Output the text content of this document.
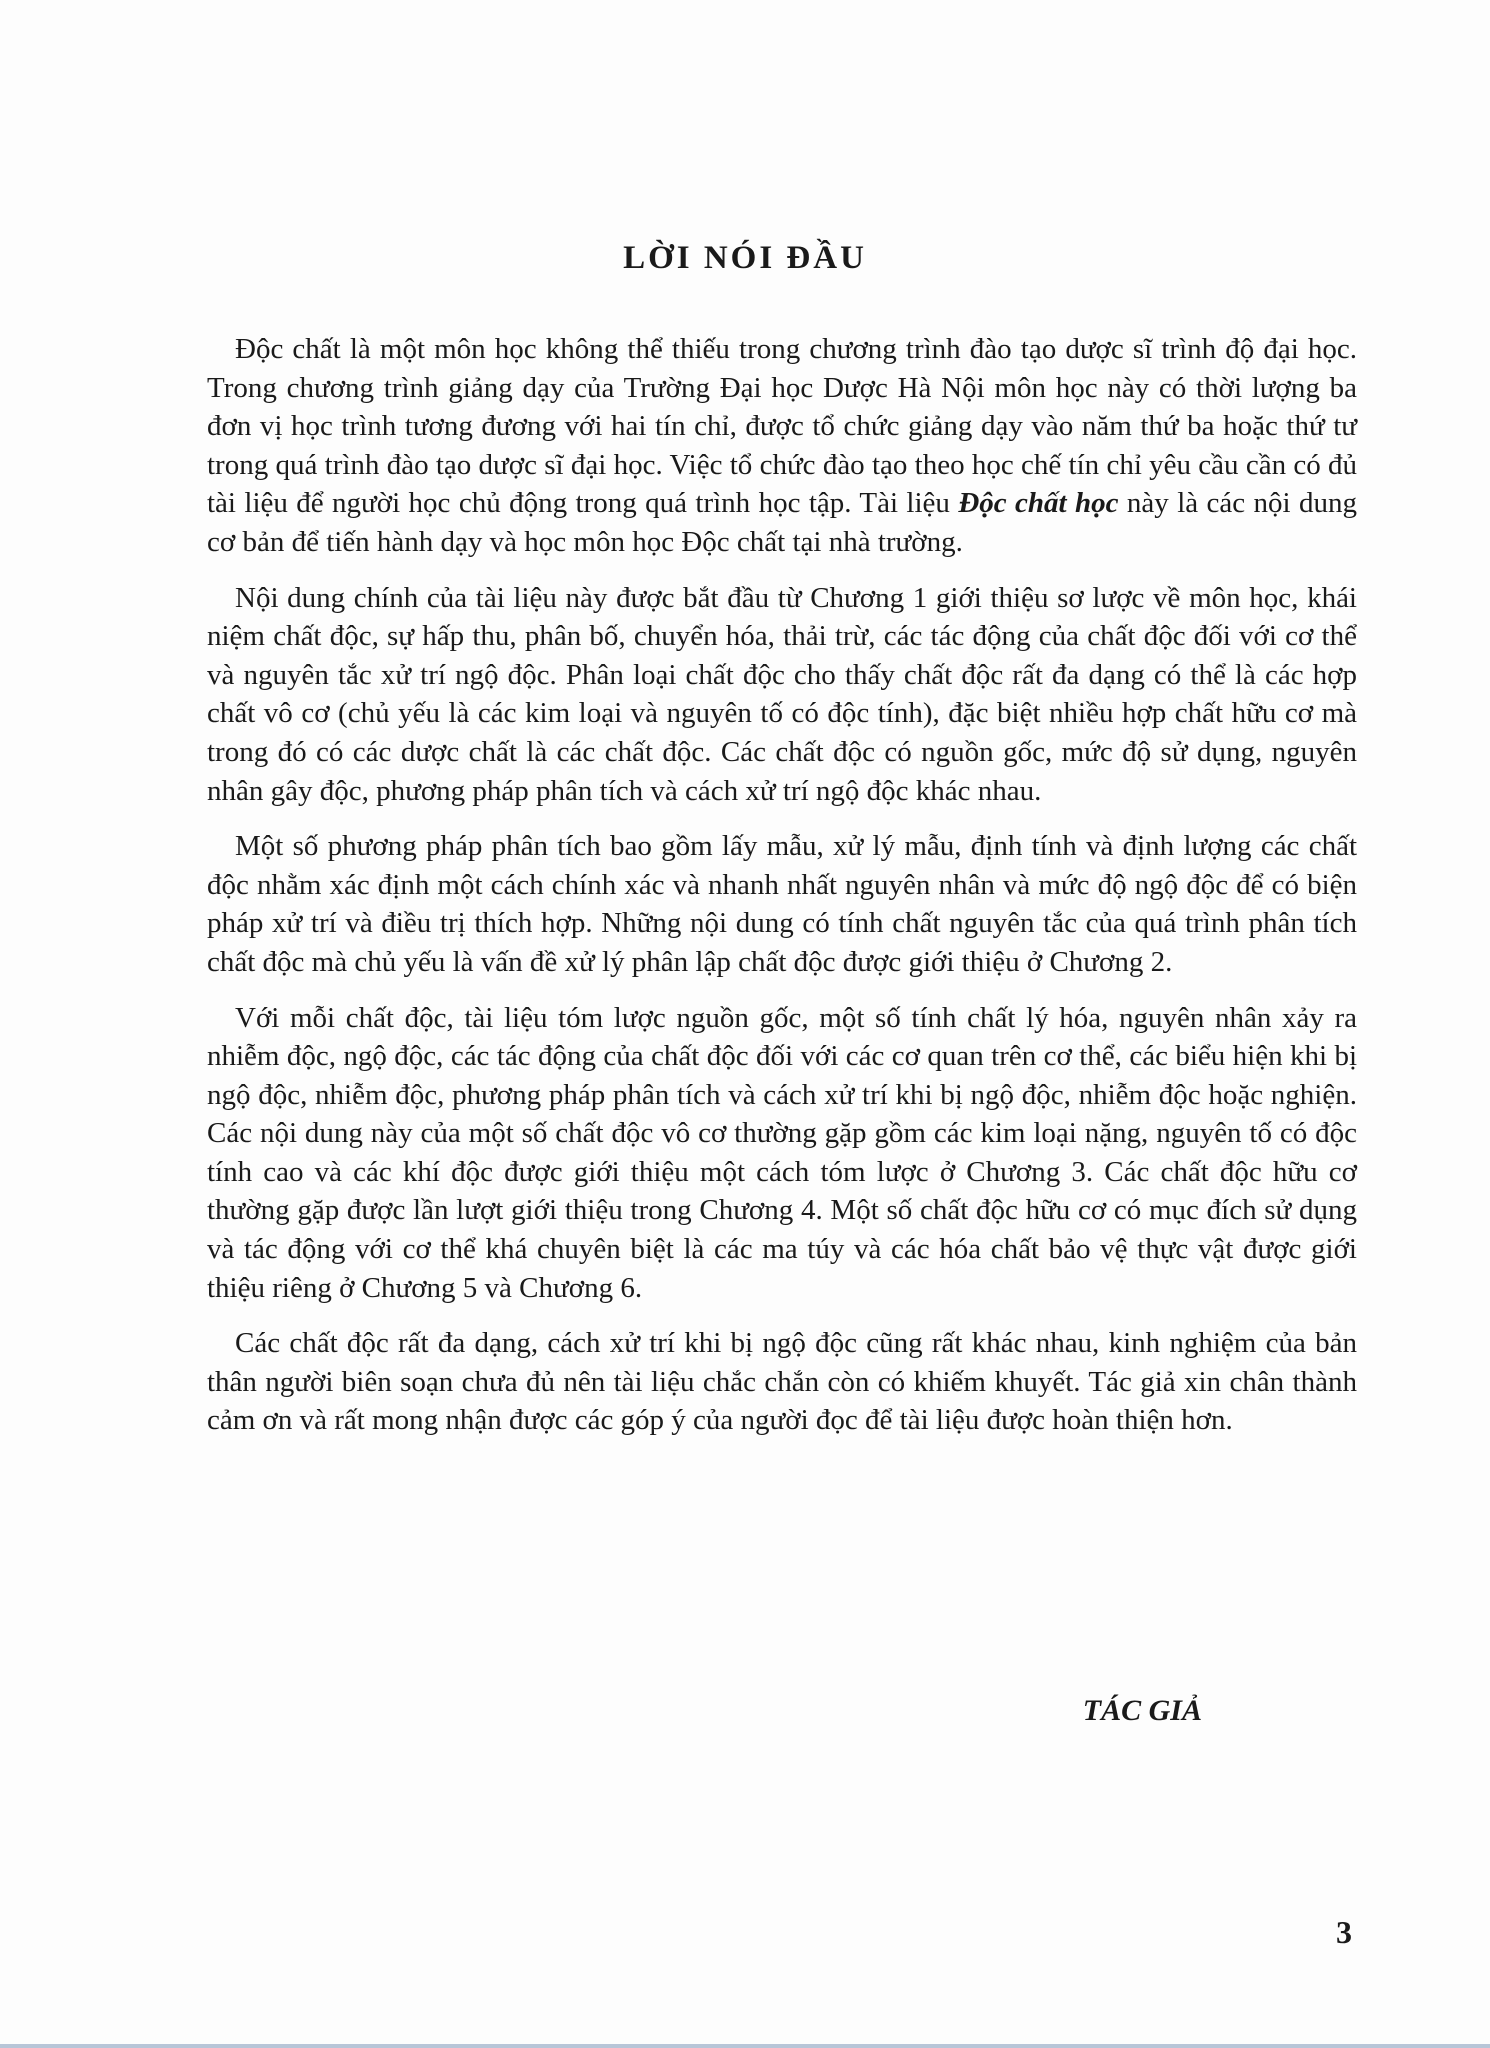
LỜI NÓI ĐẦU

Độc chất là một môn học không thể thiếu trong chương trình đào tạo dược sĩ trình độ đại học. Trong chương trình giảng dạy của Trường Đại học Dược Hà Nội môn học này có thời lượng ba đơn vị học trình tương đương với hai tín chỉ, được tổ chức giảng dạy vào năm thứ ba hoặc thứ tư trong quá trình đào tạo dược sĩ đại học. Việc tổ chức đào tạo theo học chế tín chỉ yêu cầu cần có đủ tài liệu để người học chủ động trong quá trình học tập. Tài liệu Độc chất học này là các nội dung cơ bản để tiến hành dạy và học môn học Độc chất tại nhà trường.

Nội dung chính của tài liệu này được bắt đầu từ Chương 1 giới thiệu sơ lược về môn học, khái niệm chất độc, sự hấp thu, phân bố, chuyển hóa, thải trừ, các tác động của chất độc đối với cơ thể và nguyên tắc xử trí ngộ độc. Phân loại chất độc cho thấy chất độc rất đa dạng có thể là các hợp chất vô cơ (chủ yếu là các kim loại và nguyên tố có độc tính), đặc biệt nhiều hợp chất hữu cơ mà trong đó có các dược chất là các chất độc. Các chất độc có nguồn gốc, mức độ sử dụng, nguyên nhân gây độc, phương pháp phân tích và cách xử trí ngộ độc khác nhau.

Một số phương pháp phân tích bao gồm lấy mẫu, xử lý mẫu, định tính và định lượng các chất độc nhằm xác định một cách chính xác và nhanh nhất nguyên nhân và mức độ ngộ độc để có biện pháp xử trí và điều trị thích hợp. Những nội dung có tính chất nguyên tắc của quá trình phân tích chất độc mà chủ yếu là vấn đề xử lý phân lập chất độc được giới thiệu ở Chương 2.

Với mỗi chất độc, tài liệu tóm lược nguồn gốc, một số tính chất lý hóa, nguyên nhân xảy ra nhiễm độc, ngộ độc, các tác động của chất độc đối với các cơ quan trên cơ thể, các biểu hiện khi bị ngộ độc, nhiễm độc, phương pháp phân tích và cách xử trí khi bị ngộ độc, nhiễm độc hoặc nghiện. Các nội dung này của một số chất độc vô cơ thường gặp gồm các kim loại nặng, nguyên tố có độc tính cao và các khí độc được giới thiệu một cách tóm lược ở Chương 3. Các chất độc hữu cơ thường gặp được lần lượt giới thiệu trong Chương 4. Một số chất độc hữu cơ có mục đích sử dụng và tác động với cơ thể khá chuyên biệt là các ma túy và các hóa chất bảo vệ thực vật được giới thiệu riêng ở Chương 5 và Chương 6.

Các chất độc rất đa dạng, cách xử trí khi bị ngộ độc cũng rất khác nhau, kinh nghiệm của bản thân người biên soạn chưa đủ nên tài liệu chắc chắn còn có khiếm khuyết. Tác giả xin chân thành cảm ơn và rất mong nhận được các góp ý của người đọc để tài liệu được hoàn thiện hơn.

TÁC GIẢ
3
